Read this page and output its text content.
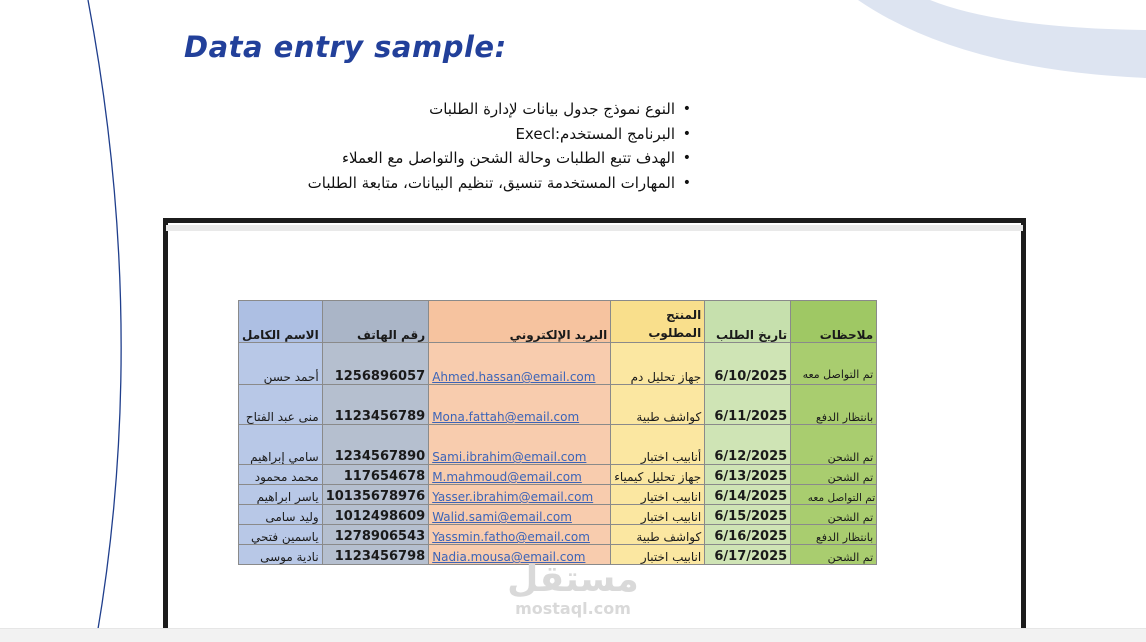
Data entry sample:
• النوع نموذج جدول بيانات لإدارة الطلبات
• البرنامج المستخدم:Execl
• الهدف تتبع الطلبات وحالة الشحن والتواصل مع العملاء
• المهارات المستخدمة تنسيق، تنظيم البيانات، متابعة الطلبات
ملاحظات	تاريخ الطلب	المنتج المطلوب	البريد الإلكتروني	رقم الهاتف	الاسم الكامل
تم التواصل معه	6/10/2025	جهاز تحليل دم	Ahmed.hassan@email.com	1256896057	أحمد حسن
بانتظار الدفع	6/11/2025	كواشف طبية	Mona.fattah@email.com	1123456789	منى عبد الفتاح
تم الشحن	6/12/2025	أنابيب اختبار	Sami.ibrahim@email.com	1234567890	سامي إبراهيم
تم الشحن	6/13/2025	جهاز تحليل كيمياء	M.mahmoud@email.com	117654678	محمد محمود
تم التواصل معه	6/14/2025	انابيب اختيار	Yasser.ibrahim@email.com	10135678976	ياسر ابراهيم
تم الشحن	6/15/2025	انابيب اختبار	Walid.sami@email.com	1012498609	وليد سامى
بانتظار الدفع	6/16/2025	كواشف طبية	Yassmin.fatho@email.com	1278906543	ياسمين فتحي
تم الشحن	6/17/2025	انابيب اختبار	Nadia.mousa@email.com	1123456798	نادية موسى
مستقل
mostaql.com
